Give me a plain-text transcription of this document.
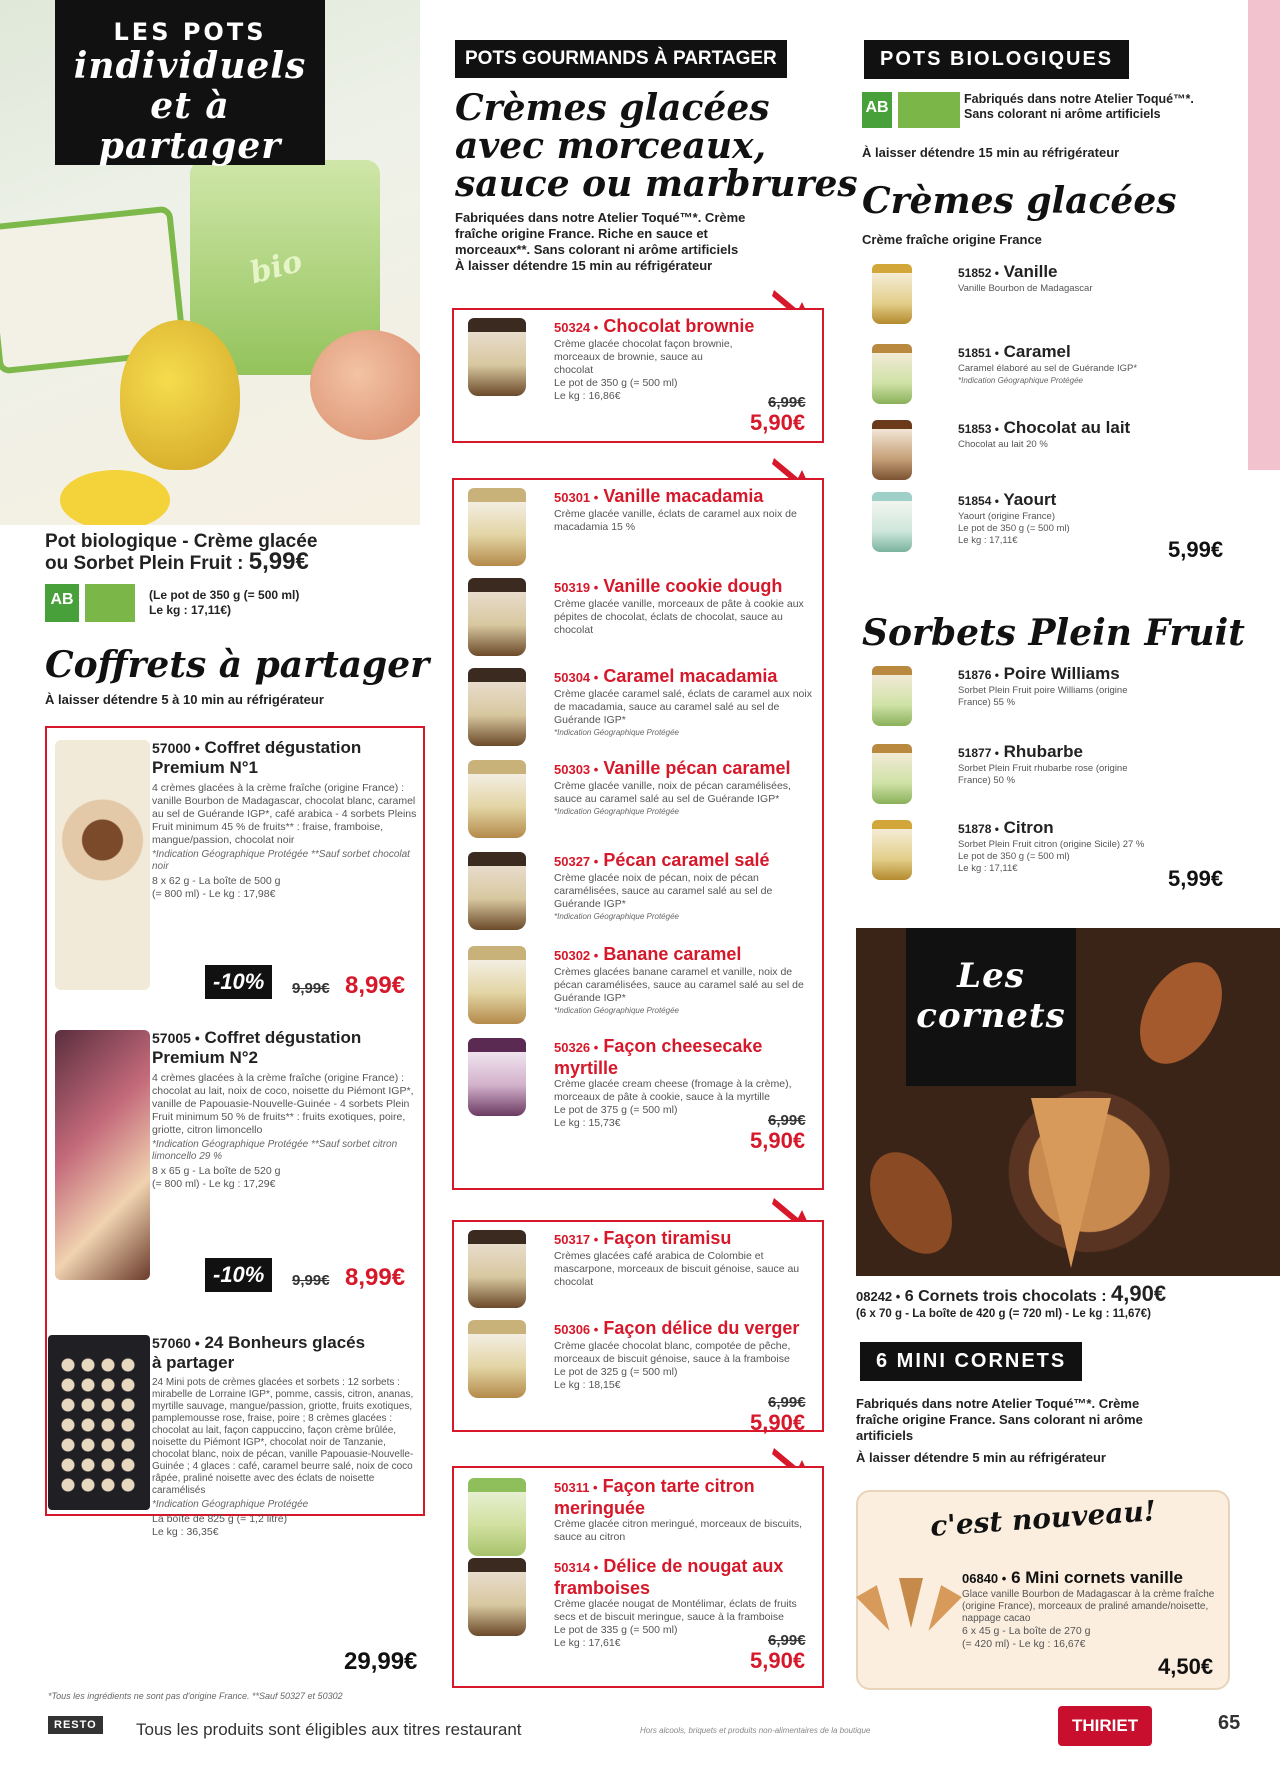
bio
LES POTS
individuels
et à partager
Pot biologique - Crème glacée
ou Sorbet Plein Fruit : 5,99€
AB	(Le pot de 350 g (= 500 ml)
Le kg : 17,11€)
Coffrets à partager
À laisser détendre 5 à 10 min au réfrigérateur
57000 • Coffret dégustation
Premium N°1
4 crèmes glacées à la crème fraîche (origine France) : vanille Bourbon de Madagascar, chocolat blanc, caramel au sel de Guérande IGP*, café arabica - 4 sorbets Pleins Fruit minimum 45 % de fruits** : fraise, framboise, mangue/passion, chocolat noir
*Indication Géographique Protégée **Sauf sorbet chocolat noir
8 x 62 g - La boîte de 500 g
(= 800 ml) - Le kg : 17,98€
-10%	9,99€ 8,99€
57005 • Coffret dégustation
Premium N°2
4 crèmes glacées à la crème fraîche (origine France) : chocolat au lait, noix de coco, noisette du Piémont IGP*, vanille de Papouasie-Nouvelle-Guinée - 4 sorbets Plein Fruit minimum 50 % de fruits** : fruits exotiques, poire, griotte, citron limoncello
*Indication Géographique Protégée **Sauf sorbet citron limoncello 29 %
8 x 65 g - La boîte de 520 g
(= 800 ml) - Le kg : 17,29€
-10%	9,99€ 8,99€
57060 • 24 Bonheurs glacés
à partager
24 Mini pots de crèmes glacées et sorbets : 12 sorbets : mirabelle de Lorraine IGP*, pomme, cassis, citron, ananas, myrtille sauvage, mangue/passion, griotte, fruits exotiques, pamplemousse rose, fraise, poire ; 8 crèmes glacées : chocolat au lait, façon cappuccino, façon crème brûlée, noisette du Piémont IGP*, chocolat noir de Tanzanie, chocolat blanc, noix de pécan, vanille Papouasie-Nouvelle-Guinée ; 4 glaces : café, caramel beurre salé, noix de coco râpée, praliné noisette avec des éclats de noisette caramélisés
*Indication Géographique Protégée
La boîte de 825 g (= 1,2 litre)
Le kg : 36,35€
29,99€
*Tous les ingrédients ne sont pas d'origine France. **Sauf 50327 et 50302
POTS GOURMANDS À PARTAGER
Crèmes glacées
avec morceaux,
sauce ou marbrures
Fabriquées dans notre Atelier Toqué™*. Crème
fraîche origine France. Riche en sauce et
morceaux**. Sans colorant ni arôme artificiels
À laisser détendre 15 min au réfrigérateur
50324 • Chocolat brownie
Crème glacée chocolat façon brownie, morceaux de brownie, sauce au chocolat
Le pot de 350 g (= 500 ml)
Le kg : 16,86€	6,99€
5,90€
50301 • Vanille macadamia
Crème glacée vanille, éclats de caramel aux noix de macadamia 15 %
50319 • Vanille cookie dough
Crème glacée vanille, morceaux de pâte à cookie aux pépites de chocolat, éclats de chocolat, sauce au chocolat
50304 • Caramel macadamia
Crème glacée caramel salé, éclats de caramel aux noix de macadamia, sauce au caramel salé au sel de Guérande IGP*
*Indication Géographique Protégée
50303 • Vanille pécan caramel
Crème glacée vanille, noix de pécan caramélisées, sauce au caramel salé au sel de Guérande IGP*
*Indication Géographique Protégée
50327 • Pécan caramel salé
Crème glacée noix de pécan, noix de pécan caramélisées, sauce au caramel salé au sel de Guérande IGP*
*Indication Géographique Protégée
50302 • Banane caramel
Crèmes glacées banane caramel et vanille, noix de pécan caramélisées, sauce au caramel salé au sel de Guérande IGP*
*Indication Géographique Protégée
50326 • Façon cheesecake myrtille
Crème glacée cream cheese (fromage à la crème), morceaux de pâte à cookie, sauce à la myrtille
Le pot de 375 g (= 500 ml)
Le kg : 15,73€	6,99€
5,90€
50317 • Façon tiramisu
Crèmes glacées café arabica de Colombie et mascarpone, morceaux de biscuit génoise, sauce au chocolat
50306 • Façon délice du verger
Crème glacée chocolat blanc, compotée de pêche, morceaux de biscuit génoise, sauce à la framboise
Le pot de 325 g (= 500 ml)
Le kg : 18,15€
6,99€
5,90€
50311 • Façon tarte citron meringuée
Crème glacée citron meringué, morceaux de biscuits, sauce au citron
50314 • Délice de nougat aux framboises
Crème glacée nougat de Montélimar, éclats de fruits secs et de biscuit meringue, sauce à la framboise
Le pot de 335 g (= 500 ml)
Le kg : 17,61€	6,99€
5,90€
POTS BIOLOGIQUES
AB	Fabriqués dans notre Atelier Toqué™*.
Sans colorant ni arôme artificiels
À laisser détendre 15 min au réfrigérateur
Crèmes glacées
Crème fraîche origine France
51852 • Vanille
Vanille Bourbon de Madagascar
51851 • Caramel
Caramel élaboré au sel de Guérande IGP*
*Indication Géographique Protégée
51853 • Chocolat au lait
Chocolat au lait 20 %
51854 • Yaourt
Yaourt (origine France)
Le pot de 350 g (= 500 ml)
Le kg : 17,11€	5,99€
Sorbets Plein Fruit
51876 • Poire Williams
Sorbet Plein Fruit poire Williams (origine France) 55 %
51877 • Rhubarbe
Sorbet Plein Fruit rhubarbe rose (origine France) 50 %
51878 • Citron
Sorbet Plein Fruit citron (origine Sicile) 27 %
Le pot de 350 g (= 500 ml)
Le kg : 17,11€	5,99€
Les
cornets
08242 • 6 Cornets trois chocolats : 4,90€
(6 x 70 g - La boîte de 420 g (= 720 ml) - Le kg : 11,67€)
6 MINI CORNETS
Fabriqués dans notre Atelier Toqué™*. Crème
fraîche origine France. Sans colorant ni arôme
artificiels
À laisser détendre 5 min au réfrigérateur
c'est nouveau!
06840 • 6 Mini cornets vanille
Glace vanille Bourbon de Madagascar à la crème fraîche (origine France), morceaux de praliné amande/noisette, nappage cacao
6 x 45 g - La boîte de 270 g
(= 420 ml) - Le kg : 16,67€
4,50€
RESTO	Tous les produits sont éligibles aux titres restaurant	Hors alcools, briquets et produits non-alimentaires de la boutique	THIRIET	65
